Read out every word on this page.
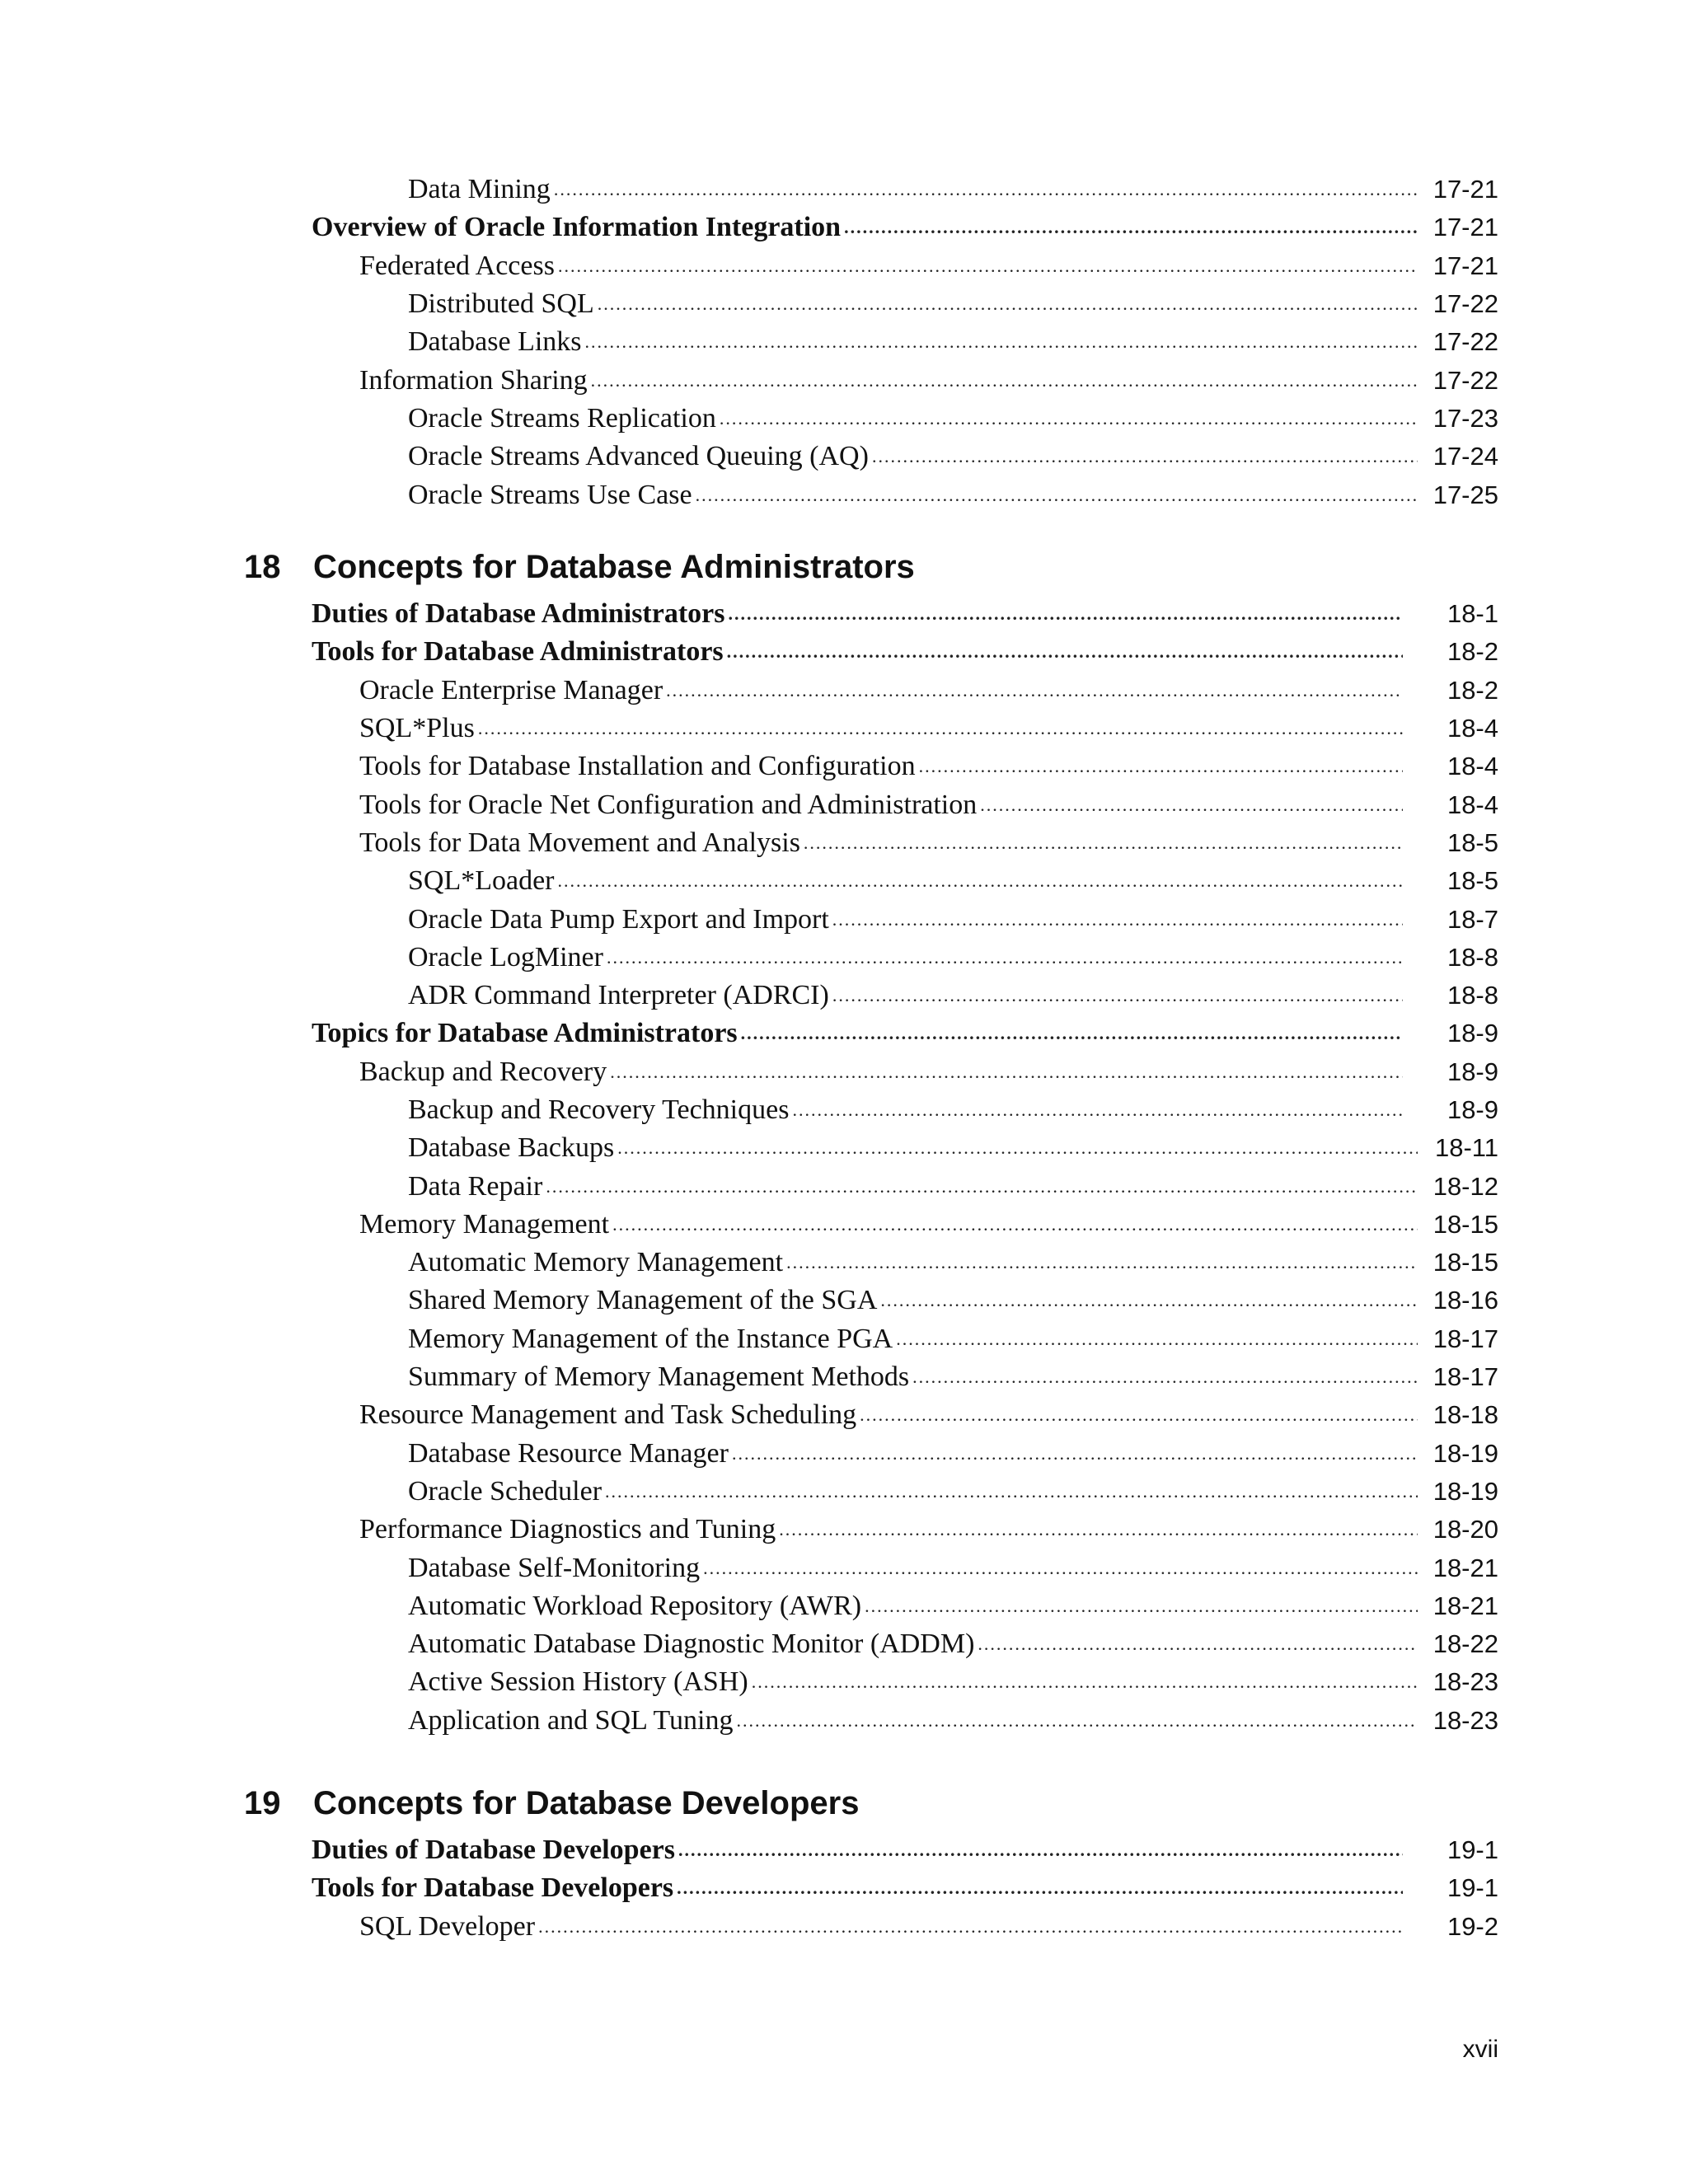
Data Mining .....	17-21
Overview of Oracle Information Integration .....	17-21
Federated Access .....	17-21
Distributed SQL .....	17-22
Database Links .....	17-22
Information Sharing .....	17-22
Oracle Streams Replication .....	17-23
Oracle Streams Advanced Queuing (AQ) .....	17-24
Oracle Streams Use Case .....	17-25
18 Concepts for Database Administrators
Duties of Database Administrators .....	18-1
Tools for Database Administrators .....	18-2
Oracle Enterprise Manager .....	18-2
SQL*Plus .....	18-4
Tools for Database Installation and Configuration .....	18-4
Tools for Oracle Net Configuration and Administration .....	18-4
Tools for Data Movement and Analysis .....	18-5
SQL*Loader .....	18-5
Oracle Data Pump Export and Import .....	18-7
Oracle LogMiner .....	18-8
ADR Command Interpreter (ADRCI) .....	18-8
Topics for Database Administrators .....	18-9
Backup and Recovery .....	18-9
Backup and Recovery Techniques .....	18-9
Database Backups .....	18-11
Data Repair .....	18-12
Memory Management .....	18-15
Automatic Memory Management .....	18-15
Shared Memory Management of the SGA .....	18-16
Memory Management of the Instance PGA .....	18-17
Summary of Memory Management Methods .....	18-17
Resource Management and Task Scheduling .....	18-18
Database Resource Manager .....	18-19
Oracle Scheduler .....	18-19
Performance Diagnostics and Tuning .....	18-20
Database Self-Monitoring .....	18-21
Automatic Workload Repository (AWR) .....	18-21
Automatic Database Diagnostic Monitor (ADDM) .....	18-22
Active Session History (ASH) .....	18-23
Application and SQL Tuning .....	18-23
19 Concepts for Database Developers
Duties of Database Developers .....	19-1
Tools for Database Developers .....	19-1
SQL Developer .....	19-2
xvii
